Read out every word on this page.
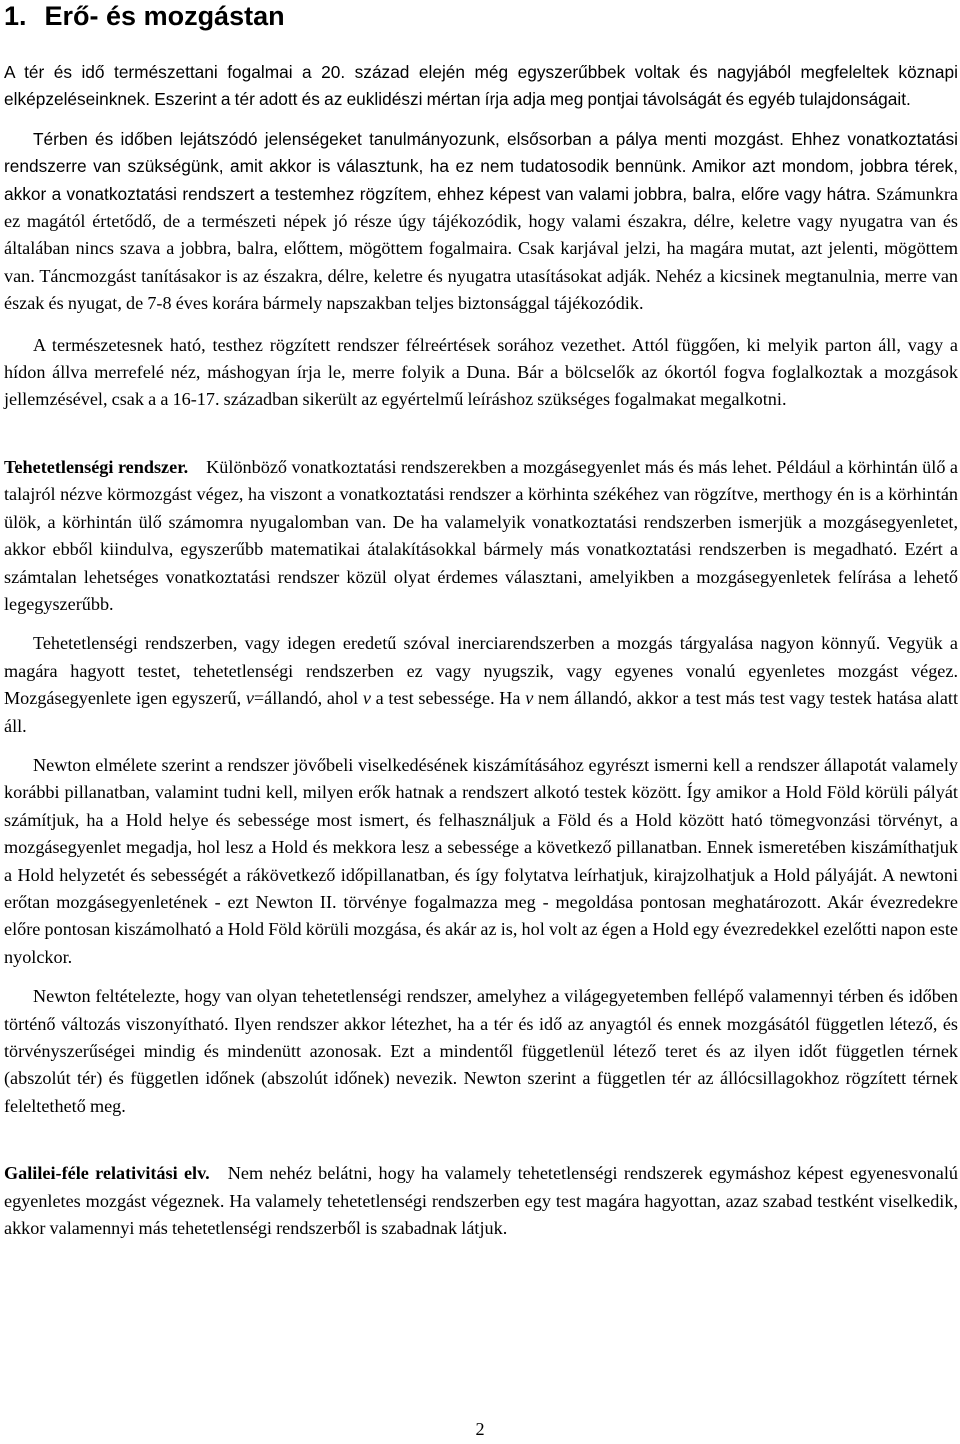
1. Erő- és mozgástan

A tér és idő természettani fogalmai a 20. század elején még egyszerűbbek voltak és nagyjából megfeleltek köznapi elképzeléseinknek. Eszerint a tér adott és az euklidészi mértan írja adja meg pontjai távolságát és egyéb tulajdonságait.

Térben és időben lejátszódó jelenségeket tanulmányozunk, elsősorban a pálya menti mozgást. Ehhez vonatkoztatási rendszerre van szükségünk, amit akkor is választunk, ha ez nem tudatosodik bennünk. Amikor azt mondom, jobbra térek, akkor a vonatkoztatási rendszert a testemhez rögzítem, ehhez képest van valami jobbra, balra, előre vagy hátra. Számunkra ez magától értetődő, de a természeti népek jó része úgy tájékozódik, hogy valami északra, délre, keletre vagy nyugatra van és általában nincs szava a jobbra, balra, előttem, mögöttem fogalmaira. Csak karjával jelzi, ha magára mutat, azt jelenti, mögöttem van. Táncmozgást tanításakor is az északra, délre, keletre és nyugatra utasításokat adják. Nehéz a kicsinek megtanulnia, merre van észak és nyugat, de 7-8 éves korára bármely napszakban teljes biztonsággal tájékozódik.

A természetesnek ható, testhez rögzített rendszer félreértések sorához vezethet. Attól függően, ki melyik parton áll, vagy a hídon állva merrefelé néz, máshogyan írja le, merre folyik a Duna. Bár a bölcselők az ókortól fogva foglalkoztak a mozgások jellemzésével, csak a a 16-17. században sikerült az egyértelmű leíráshoz szükséges fogalmakat megalkotni.

Tehetetlenségi rendszer. Különböző vonatkoztatási rendszerekben a mozgásegyenlet más és más lehet. Például a körhintán ülő a talajról nézve körmozgást végez, ha viszont a vonatkoztatási rendszer a körhinta székéhez van rögzítve, merthogy én is a körhintán ülök, a körhintán ülő számomra nyugalomban van. De ha valamelyik vonatkoztatási rendszerben ismerjük a mozgásegyenletet, akkor ebből kiindulva, egyszerűbb matematikai átalakításokkal bármely más vonatkoztatási rendszerben is megadható. Ezért a számtalan lehetséges vonatkoztatási rendszer közül olyat érdemes választani, amelyikben a mozgásegyenletek felírása a lehető legegyszerűbb.

Tehetetlenségi rendszerben, vagy idegen eredetű szóval inerciarendszerben a mozgás tárgyalása nagyon könnyű. Vegyük a magára hagyott testet, tehetetlenségi rendszerben ez vagy nyugszik, vagy egyenes vonalú egyenletes mozgást végez. Mozgásegyenlete igen egyszerű, v=állandó, ahol v a test sebessége. Ha v nem állandó, akkor a test más test vagy testek hatása alatt áll.

Newton elmélete szerint a rendszer jövőbeli viselkedésének kiszámításához egyrészt ismerni kell a rendszer állapotát valamely korábbi pillanatban, valamint tudni kell, milyen erők hatnak a rendszert alkotó testek között. Így amikor a Hold Föld körüli pályát számítjuk, ha a Hold helye és sebessége most ismert, és felhasználjuk a Föld és a Hold között ható tömegvonzási törvényt, a mozgásegyenlet megadja, hol lesz a Hold és mekkora lesz a sebessége a következő pillanatban. Ennek ismeretében kiszámíthatjuk a Hold helyzetét és sebességét a rákövetkező időpillanatban, és így folytatva leírhatjuk, kirajzolhatjuk a Hold pályáját. A newtoni erőtan mozgásegyenletének - ezt Newton II. törvénye fogalmazza meg - megoldása pontosan meghatározott. Akár évezredekre előre pontosan kiszámolható a Hold Föld körüli mozgása, és akár az is, hol volt az égen a Hold egy évezredekkel ezelőtti napon este nyolckor.

Newton feltételezte, hogy van olyan tehetetlenségi rendszer, amelyhez a világegyetemben fellépő valamennyi térben és időben történő változás viszonyítható. Ilyen rendszer akkor létezhet, ha a tér és idő az anyagtól és ennek mozgásától független létező, és törvényszerűségei mindig és mindenütt azonosak. Ezt a mindentől függetlenül létező teret és az ilyen időt független térnek (abszolút tér) és független időnek (abszolút időnek) nevezik. Newton szerint a független tér az állócsillagokhoz rögzített térnek feleltethető meg.

Galilei-féle relativitási elv. Nem nehéz belátni, hogy ha valamely tehetetlenségi rendszerek egymáshoz képest egyenesvonalú egyenletes mozgást végeznek. Ha valamely tehetetlenségi rendszerben egy test magára hagyottan, azaz szabad testként viselkedik, akkor valamennyi más tehetetlenségi rendszerből is szabadnak látjuk.

2
